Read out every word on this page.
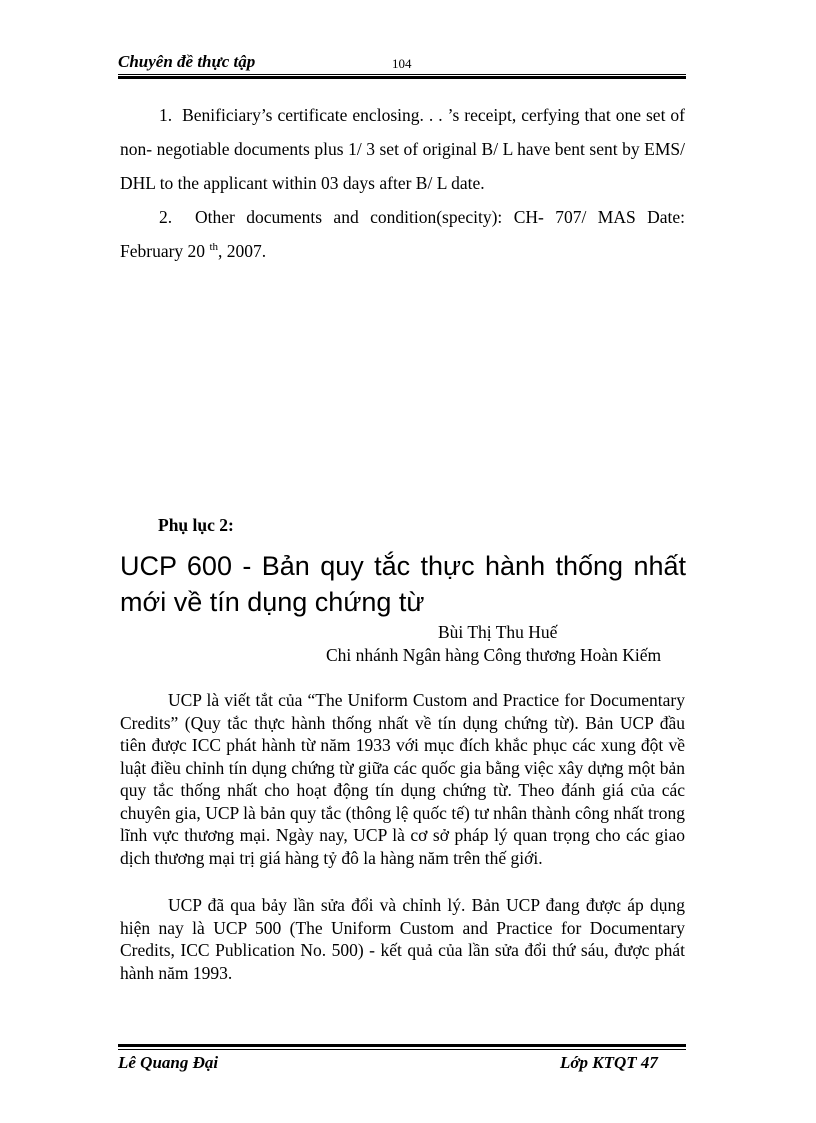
Chuyên đề thực tập	104

1. Benificiary’s certificate enclosing. . . ’s receipt, cerfying that one set of non- negotiable documents plus 1/ 3 set of original B/ L have bent sent by EMS/ DHL to the applicant within 03 days after B/ L date.

2. Other documents and condition(specity): CH- 707/ MAS Date: February 20 $^{th}$, 2007.

Phụ lục 2:
UCP 600 - Bản quy tắc thực hành thống nhất mới về tín dụng chứng từ
Bùi Thị Thu Huế
Chi nhánh Ngân hàng Công thương Hoàn Kiếm

UCP là viết tắt của “The Uniform Custom and Practice for Documentary Credits” (Quy tắc thực hành thống nhất về tín dụng chứng từ). Bản UCP đầu tiên được ICC phát hành từ năm 1933 với mục đích khắc phục các xung đột về luật điều chỉnh tín dụng chứng từ giữa các quốc gia bằng việc xây dựng một bản quy tắc thống nhất cho hoạt động tín dụng chứng từ. Theo đánh giá của các chuyên gia, UCP là bản quy tắc (thông lệ quốc tế) tư nhân thành công nhất trong lĩnh vực thương mại. Ngày nay, UCP là cơ sở pháp lý quan trọng cho các giao dịch thương mại trị giá hàng tỷ đô la hàng năm trên thế giới.

UCP đã qua bảy lần sửa đổi và chỉnh lý. Bản UCP đang được áp dụng hiện nay là UCP 500 (The Uniform Custom and Practice for Documentary Credits, ICC Publication No. 500) - kết quả của lần sửa đổi thứ sáu, được phát hành năm 1993.

Lê Quang Đại	Lớp KTQT 47
